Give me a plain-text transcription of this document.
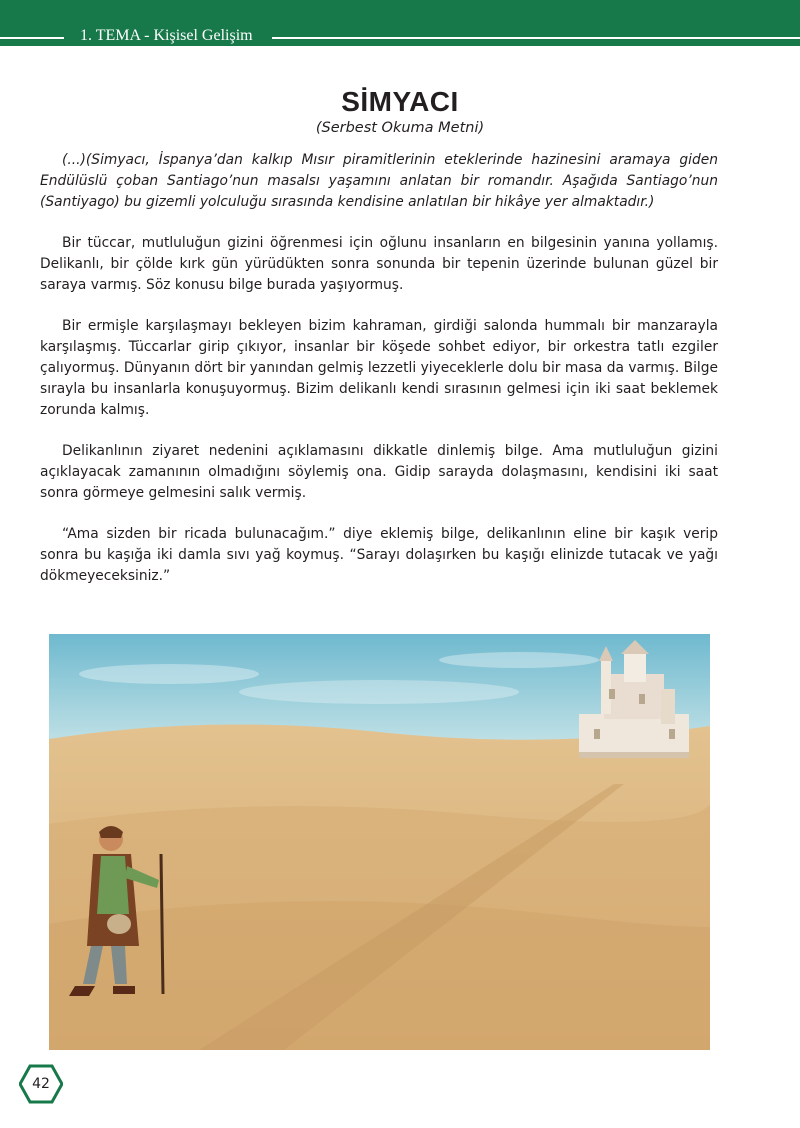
1. TEMA - Kişisel Gelişim
SİMYACI
(Serbest Okuma Metni)

(...)(Simyacı, İspanya’dan kalkıp Mısır piramitlerinin eteklerinde hazinesini aramaya giden Endülüslü çoban Santiago’nun masalsı yaşamını anlatan bir romandır. Aşağıda Santiago’nun (Santiyago) bu gizemli yolculuğu sırasında kendisine anlatılan bir hikâye yer almaktadır.)

Bir tüccar, mutluluğun gizini öğrenmesi için oğlunu insanların en bilgesinin yanına yollamış. Delikanlı, bir çölde kırk gün yürüdükten sonra sonunda bir tepenin üzerinde bulunan güzel bir saraya varmış. Söz konusu bilge burada yaşıyormuş.

Bir ermişle karşılaşmayı bekleyen bizim kahraman, girdiği salonda hummalı bir manzarayla karşılaşmış. Tüccarlar girip çıkıyor, insanlar bir köşede sohbet ediyor, bir orkestra tatlı ezgiler çalıyormuş. Dünyanın dört bir yanından gelmiş lezzetli yiyeceklerle dolu bir masa da varmış. Bilge sırayla bu insanlarla konuşuyormuş. Bizim delikanlı kendi sırasının gelmesi için iki saat beklemek zorunda kalmış.

Delikanlının ziyaret nedenini açıklamasını dikkatle dinlemiş bilge. Ama mutluluğun gizini açıklayacak zamanının olmadığını söylemiş ona. Gidip sarayda dolaşmasını, kendisini iki saat sonra görmeye gelmesini salık vermiş.

“Ama sizden bir ricada bulunacağım.” diye eklemiş bilge, delikanlının eline bir kaşık verip sonra bu kaşığa iki damla sıvı yağ koymuş. “Sarayı dolaşırken bu kaşığı elinizde tutacak ve yağı dökmeyeceksiniz.”

42
